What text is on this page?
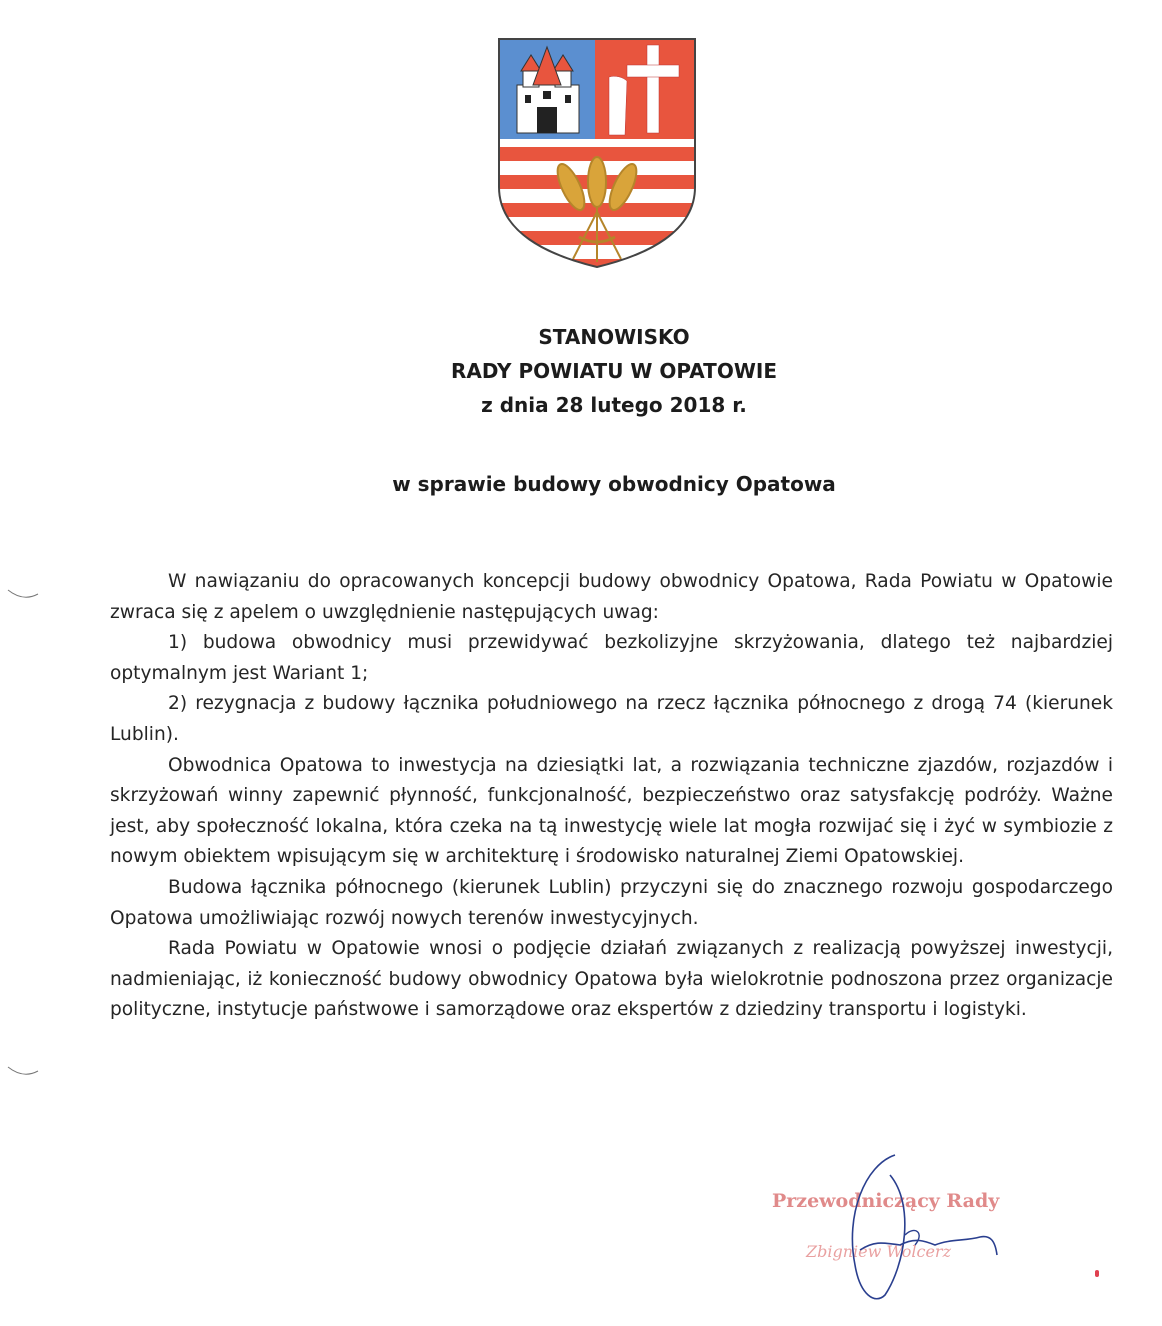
STANOWISKO
RADY POWIATU W OPATOWIE
z dnia 28 lutego 2018 r.
w sprawie budowy obwodnicy Opatowa

W nawiązaniu do opracowanych koncepcji budowy obwodnicy Opatowa, Rada Powiatu w Opatowie zwraca się z apelem o uwzględnienie następujących uwag:

1) budowa obwodnicy musi przewidywać bezkolizyjne skrzyżowania, dlatego też najbardziej optymalnym jest Wariant 1;

2) rezygnacja z budowy łącznika południowego na rzecz łącznika północnego z drogą 74 (kierunek Lublin).

Obwodnica Opatowa to inwestycja na dziesiątki lat, a rozwiązania techniczne zjazdów, rozjazdów i skrzyżowań winny zapewnić płynność, funkcjonalność, bezpieczeństwo oraz satysfakcję podróży. Ważne jest, aby społeczność lokalna, która czeka na tą inwestycję wiele lat mogła rozwijać się i żyć w symbiozie z nowym obiektem wpisującym się w architekturę i środowisko naturalnej Ziemi Opatowskiej.

Budowa łącznika północnego (kierunek Lublin) przyczyni się do znacznego rozwoju gospodarczego Opatowa umożliwiając rozwój nowych terenów inwestycyjnych.

Rada Powiatu w Opatowie wnosi o podjęcie działań związanych z realizacją powyższej inwestycji, nadmieniając, iż konieczność budowy obwodnicy Opatowa była wielokrotnie podnoszona przez organizacje polityczne, instytucje państwowe i samorządowe oraz ekspertów z dziedziny transportu i logistyki.

Przewodniczący Rady
Zbigniew Wolcerz
